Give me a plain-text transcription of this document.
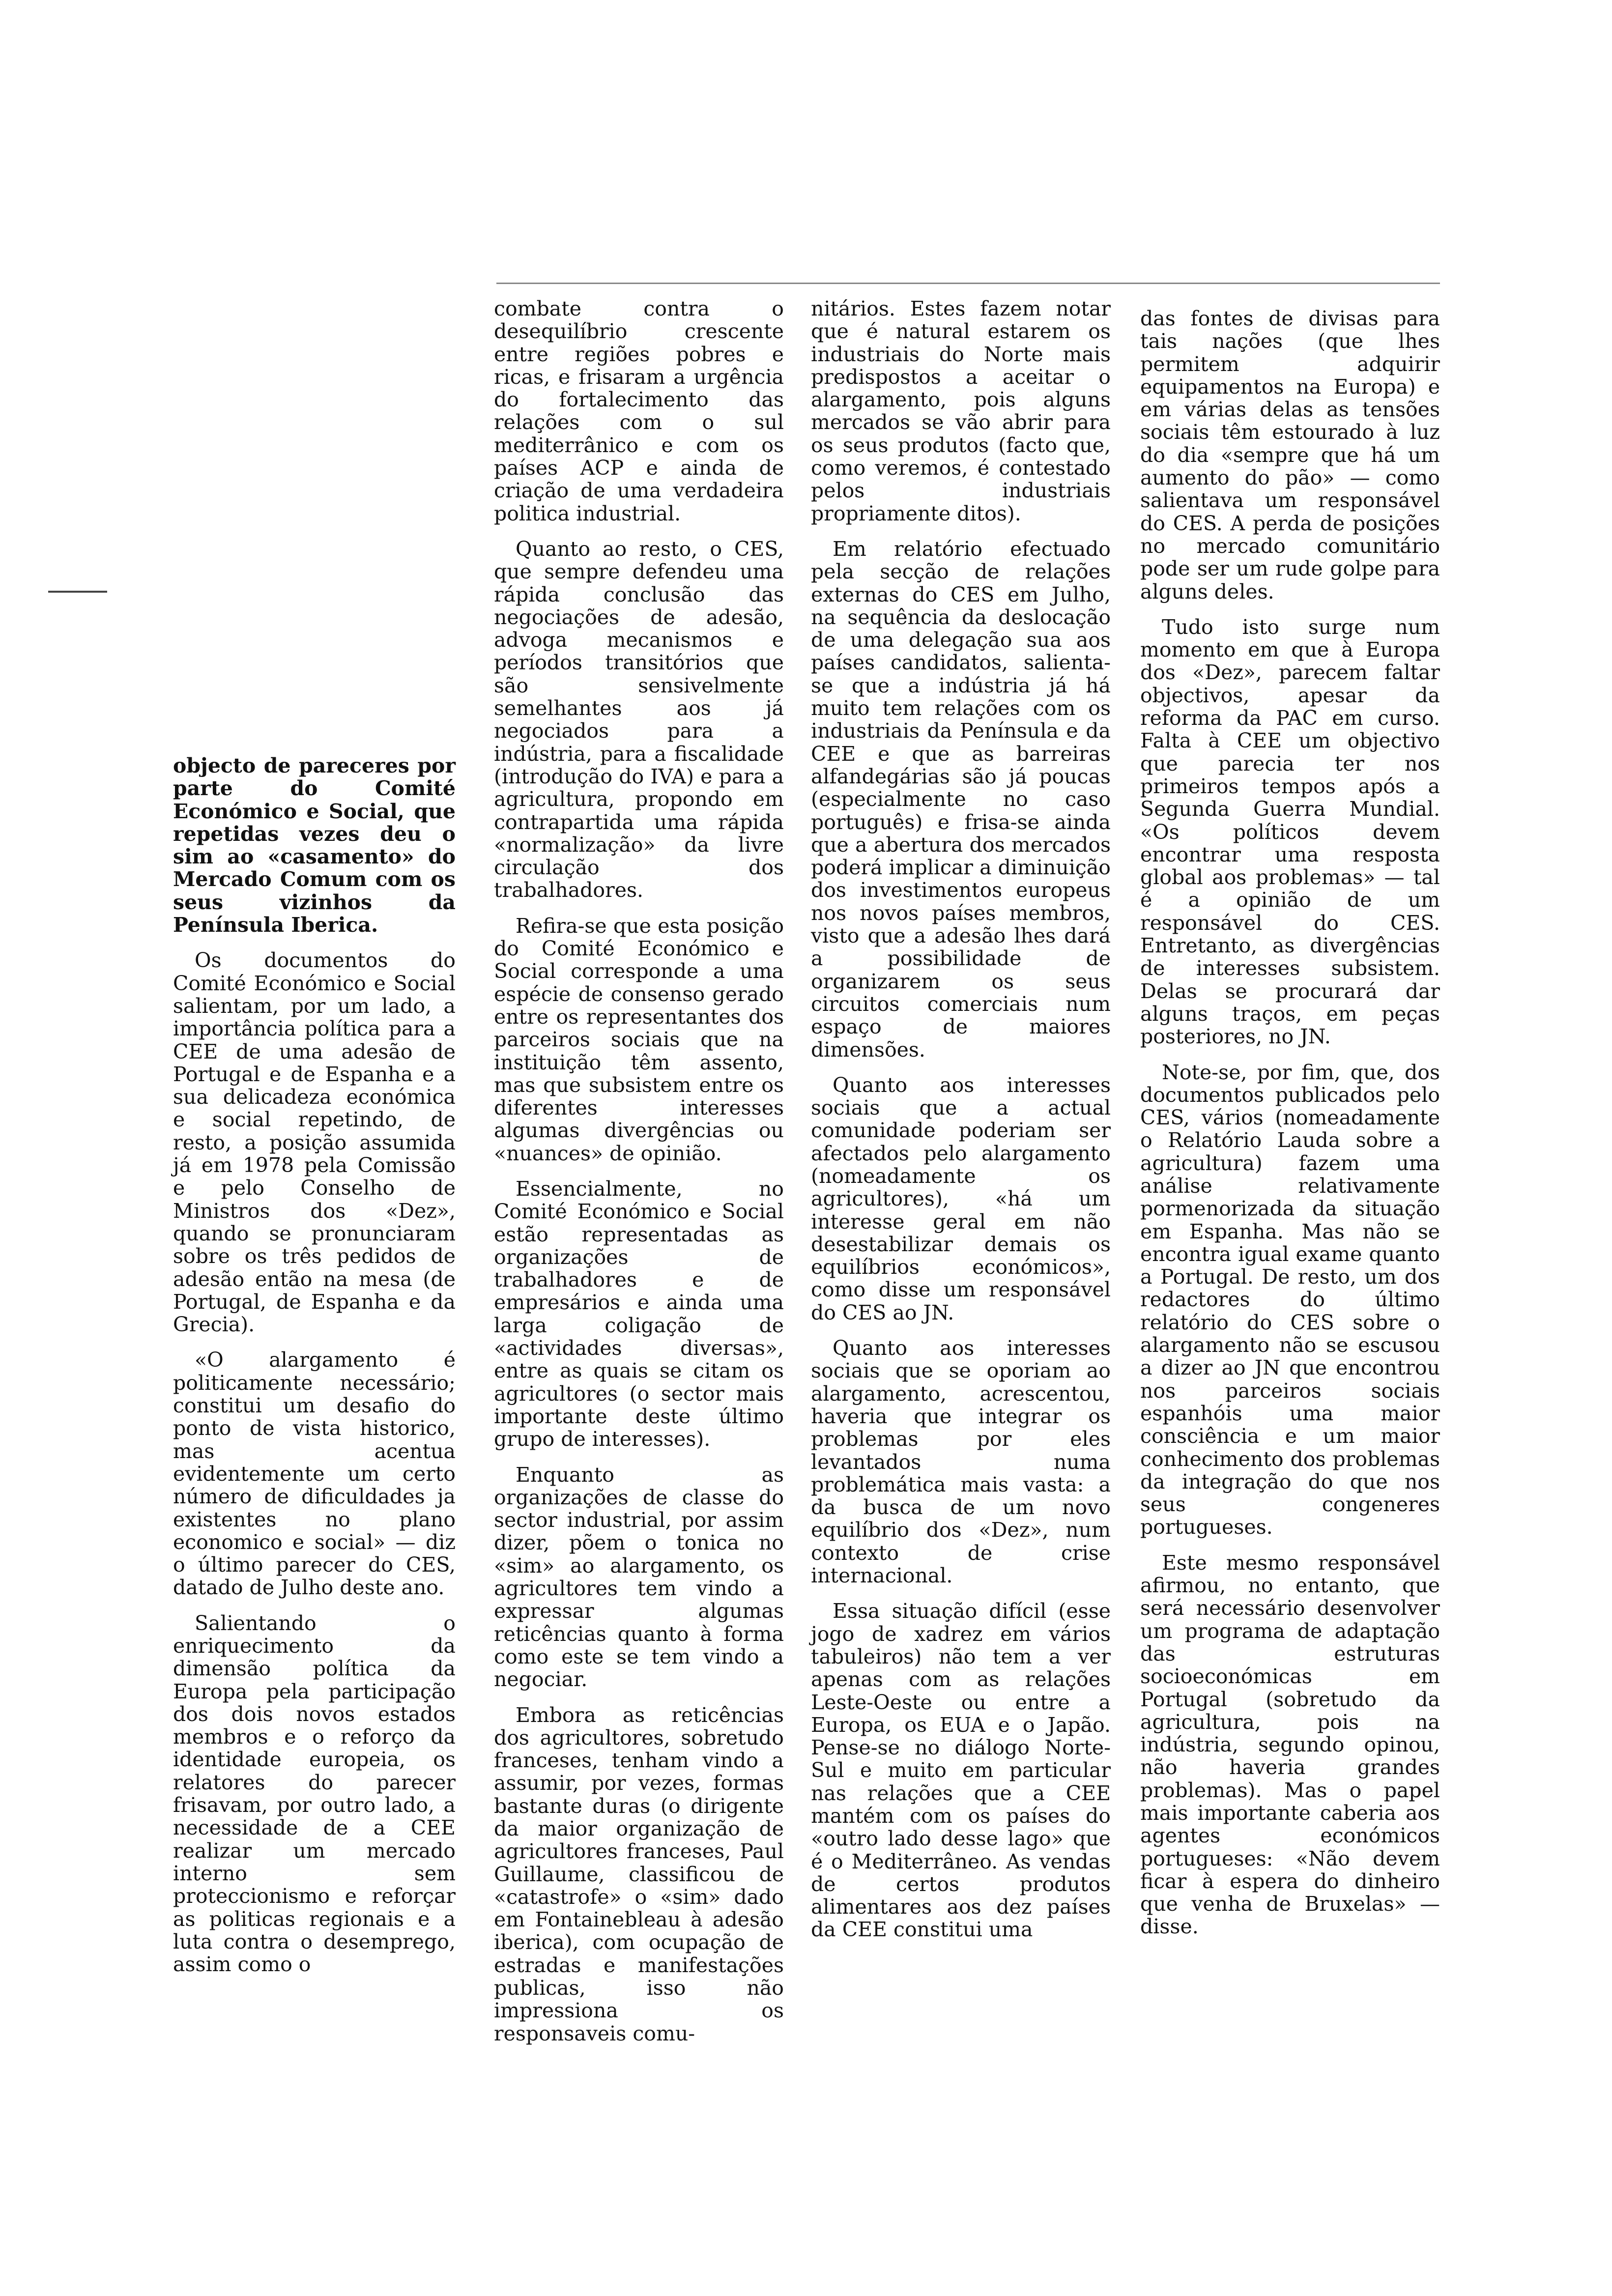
objecto de pareceres por parte do Comité Económico e Social, que repetidas vezes deu o sim ao «casamento» do Mercado Comum com os seus vizinhos da Península Iberica.

Os documentos do Comité Económico e Social salientam, por um lado, a importância política para a CEE de uma adesão de Portugal e de Espanha e a sua delicadeza económica e social repetindo, de resto, a posição assumida já em 1978 pela Comissão e pelo Conselho de Ministros dos «Dez», quando se pronunciaram sobre os três pedidos de adesão então na mesa (de Portugal, de Espanha e da Grecia).

«O alargamento é politicamente necessário; constitui um desafio do ponto de vista historico, mas acentua evidentemente um certo número de dificuldades ja existentes no plano economico e social» — diz o último parecer do CES, datado de Julho deste ano.

Salientando o enriquecimento da dimensão política da Europa pela participação dos dois novos estados membros e o reforço da identidade europeia, os relatores do parecer frisavam, por outro lado, a necessidade de a CEE realizar um mercado interno sem proteccionismo e reforçar as politicas regionais e a luta contra o desemprego, assim como o

combate contra o desequilíbrio crescente entre regiões pobres e ricas, e frisaram a urgência do fortalecimento das relações com o sul mediterrânico e com os países ACP e ainda de criação de uma verdadeira politica industrial.

Quanto ao resto, o CES, que sempre defendeu uma rápida conclusão das negociações de adesão, advoga mecanismos e períodos transitórios que são sensivelmente semelhantes aos já negociados para a indústria, para a fiscalidade (introdução do IVA) e para a agricultura, propondo em contrapartida uma rápida «normalização» da livre circulação dos trabalhadores.

Refira-se que esta posição do Comité Económico e Social corresponde a uma espécie de consenso gerado entre os representantes dos parceiros sociais que na instituição têm assento, mas que subsistem entre os diferentes interesses algumas divergências ou «nuances» de opinião.

Essencialmente, no Comité Económico e Social estão representadas as organizações de trabalhadores e de empresários e ainda uma larga coligação de «actividades diversas», entre as quais se citam os agricultores (o sector mais importante deste último grupo de interesses).

Enquanto as organizações de classe do sector industrial, por assim dizer, põem o tonica no «sim» ao alargamento, os agricultores tem vindo a expressar algumas reticências quanto à forma como este se tem vindo a negociar.

Embora as reticências dos agricultores, sobretudo franceses, tenham vindo a assumir, por vezes, formas bastante duras (o dirigente da maior organização de agricultores franceses, Paul Guillaume, classificou de «catastrofe» o «sim» dado em Fontainebleau à adesão iberica), com ocupação de estradas e manifestações publicas, isso não impressiona os responsaveis comu-

nitários. Estes fazem notar que é natural estarem os industriais do Norte mais predispostos a aceitar o alargamento, pois alguns mercados se vão abrir para os seus produtos (facto que, como veremos, é contestado pelos industriais propriamente ditos).

Em relatório efectuado pela secção de relações externas do CES em Julho, na sequência da deslocação de uma delegação sua aos países candidatos, salienta-se que a indústria já há muito tem relações com os industriais da Península e da CEE e que as barreiras alfandegárias são já poucas (especialmente no caso português) e frisa-se ainda que a abertura dos mercados poderá implicar a diminuição dos investimentos europeus nos novos países membros, visto que a adesão lhes dará a possibilidade de organizarem os seus circuitos comerciais num espaço de maiores dimensões.

Quanto aos interesses sociais que a actual comunidade poderiam ser afectados pelo alargamento (nomeadamente os agricultores), «há um interesse geral em não desestabilizar demais os equilíbrios económicos», como disse um responsável do CES ao JN.

Quanto aos interesses sociais que se oporiam ao alargamento, acrescentou, haveria que integrar os problemas por eles levantados numa problemática mais vasta: a da busca de um novo equilíbrio dos «Dez», num contexto de crise internacional.

Essa situação difícil (esse jogo de xadrez em vários tabuleiros) não tem a ver apenas com as relações Leste-Oeste ou entre a Europa, os EUA e o Japão. Pense-se no diálogo Norte-Sul e muito em particular nas relações que a CEE mantém com os países do «outro lado desse lago» que é o Mediterrâneo. As vendas de certos produtos alimentares aos dez países da CEE constitui uma

das fontes de divisas para tais nações (que lhes permitem adquirir equipamentos na Europa) e em várias delas as tensões sociais têm estourado à luz do dia «sempre que há um aumento do pão» — como salientava um responsável do CES. A perda de posições no mercado comunitário pode ser um rude golpe para alguns deles.

Tudo isto surge num momento em que à Europa dos «Dez», parecem faltar objectivos, apesar da reforma da PAC em curso. Falta à CEE um objectivo que parecia ter nos primeiros tempos após a Segunda Guerra Mundial. «Os políticos devem encontrar uma resposta global aos problemas» — tal é a opinião de um responsável do CES. Entretanto, as divergências de interesses subsistem. Delas se procurará dar alguns traços, em peças posteriores, no JN.

Note-se, por fim, que, dos documentos publicados pelo CES, vários (nomeadamente o Relatório Lauda sobre a agricultura) fazem uma análise relativamente pormenorizada da situação em Espanha. Mas não se encontra igual exame quanto a Portugal. De resto, um dos redactores do último relatório do CES sobre o alargamento não se escusou a dizer ao JN que encontrou nos parceiros sociais espanhóis uma maior consciência e um maior conhecimento dos problemas da integração do que nos seus congeneres portugueses.

Este mesmo responsável afirmou, no entanto, que será necessário desenvolver um programa de adaptação das estruturas socioeconómicas em Portugal (sobretudo da agricultura, pois na indústria, segundo opinou, não haveria grandes problemas). Mas o papel mais importante caberia aos agentes económicos portugueses: «Não devem ficar à espera do dinheiro que venha de Bruxelas» — disse.
